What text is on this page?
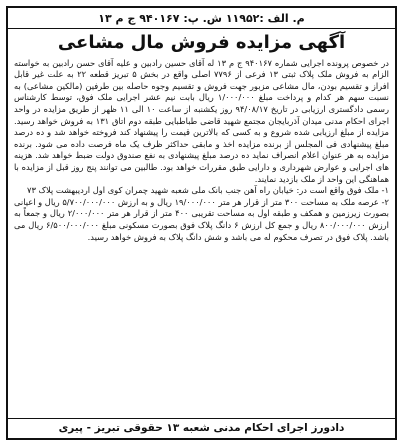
م. الف :۱۱۹۵۲ ش. پ: ۹۴۰۱۶۷ ج م ۱۳
آگهی مزایده فروش مال مشاعی

در خصوص پرونده اجرایی شماره ۹۴۰۱۶۷ ج م ۱۳ له آقای حسین رادبین و علیه آقای حسن رادبین به خواسته الزام به فروش ملک پلاک ثبتی ۱۳ فرعی از ۷۷۹۶ اصلی واقع در بخش ۵ تبریز قطعه ۲۲ به علت غیر قابل افراز و تقسیم بودن، مال مشاعی مزبور جهت فروش و تقسیم وجوه حاصله بین طرفین (مالکین مشاعی) به نسبت سهم هر کدام و پرداخت مبلغ ۱/۰۰۰/۰۰۰ ریال بابت نیم عشر اجرایی ملک فوق، توسط کارشناس رسمی دادگستری ارزیابی در تاریخ ۹۴/۰۸/۱۷ روز یکشنبه از ساعت ۱۰ الی ۱۱ ظهر از طریق مزایده در واحد اجرای احکام مدنی میدان آذربایجان مجتمع شهید قاضی طباطبایی طبقه دوم اتاق ۱۳۱ به فروش خواهد رسید. مزایده از مبلغ ارزیابی شده شروع و به کسی که بالاترین قیمت را پیشنهاد کند فروخته خواهد شد و ده درصد مبلغ پیشنهادی فی المجلس از برنده مزایده اخذ و مابقی حداکثر ظرف یک ماه فرصت داده می شود. برنده مزایده به هر عنوان اعلام انصراف نماید ده درصد مبلغ پیشنهادی به نفع صندوق دولت ضبط خواهد شد. هزینه های اجرایی و عوارض شهرداری و دارایی طبق مقررات خواهد بود. طالبین می توانند پنج روز قبل از مزایده با هماهنگی این واحد از ملک بازدید نمایند.

۱- ملک فوق واقع است در: خیابان راه آهن جنب بانک ملی شعبه شهید چمران کوی اول اردیبهشت پلاک ۷۳

۲- عرصه ملک به مساحت ۳۰۰ متر از قرار هر متر ۱۹/۰۰۰/۰۰۰ ریال و به ارزش ۵/۷۰۰/۰۰۰/۰۰۰ ریال و اعیانی بصورت زیرزمین و همکف و طبقه اول به مساحت تقریبی ۴۰۰ متر از قرار هر متر ۲/۰۰۰/۰۰۰ ریال و جمعاً به ارزش ۸۰۰/۰۰۰/۰۰۰ ریال و جمع کل ارزش ۶ دانگ پلاک فوق بصورت مسکونی مبلغ ۶/۵۰۰/۰۰۰/۰۰۰ ریال می باشد. پلاک فوق در تصرف محکوم له می باشد و شش دانگ پلاک به فروش خواهد رسید.

دادورز اجرای احکام مدنی شعبه ۱۳ حقوقی تبریز - پیری
